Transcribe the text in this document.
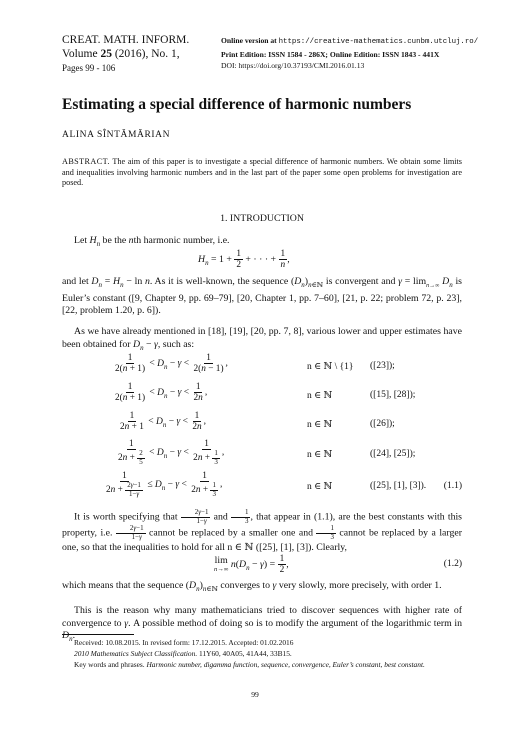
CREAT. MATH. INFORM.
Volume 25 (2016), No. 1,
Pages 99 - 106
Online version at https://creative-mathematics.cunbm.utcluj.ro/
Print Edition: ISSN 1584 - 286X; Online Edition: ISSN 1843 - 441X
DOI: https://doi.org/10.37193/CMI.2016.01.13
Estimating a special difference of harmonic numbers
ALINA SÎNTĂMĂRIAN
ABSTRACT. The aim of this paper is to investigate a special difference of harmonic numbers. We obtain some limits and inequalities involving harmonic numbers and in the last part of the paper some open problems for investigation are posed.
1. INTRODUCTION
Let $H_n$ be the nth harmonic number, i.e.
$H_n = 1 + \frac{1}{2}$ + · · · + $\frac{1}{n}$ ,
and let $D_n = H_n - \ln n$. As it is well-known, the sequence $(D_n)_{n\in ℕ}$ is convergent and $\gamma = \lim_{n\to\infty} D_n$ is Euler’s constant ([9, Chapter 9, pp. 69–79], [20, Chapter 1, pp. 7–60], [21, p. 22; problem 72, p. 23], [22, problem 1.20, p. 6]).
As we have already mentioned in [18], [19], [20, pp. 7, 8], various lower and upper estimates have been obtained for $D_n - \gamma$, such as:
$\frac{1}{2(n + 1)} < D_n - \gamma < \frac{1}{2(n - 1)}$ ,	n ∈ ℕ \ {1} ([23]);
$\frac{1}{2(n + 1)} < D_n - \gamma < \frac{1}{2n}$ ,	n ∈ ℕ	([15], [28]);
$\frac{1}{2n + 1} < D_n - \gamma < \frac{1}{2n}$ ,	n ∈ ℕ	([26]);
$\frac{1}{2n + \frac{2}{5}} < D_n - \gamma < \frac{1}{2n + \frac{1}{3}}$ ,	n ∈ ℕ	([24], [25]);
$\frac{1}{2n + \frac{2\gamma-1}{1-\gamma}} \le D_n - \gamma < \frac{1}{2n + \frac{1}{3}}$ ,	n ∈ ℕ	([25], [1], [3]). (1.1)
It is worth specifying that $\frac{2\gamma-1}{1-\gamma}$ and $\frac{1}{3}$ , that appear in (1.1), are the best constants with this property, i.e. $\frac{2\gamma-1}{1-\gamma}$ cannot be replaced by a smaller one and $\frac{1}{3}$ cannot be replaced by a larger one, so that the inequalities to hold for all n ∈ ℕ ([25], [1], [3]). Clearly,
lim
n→∞ $n(D_n - \gamma) = \frac{1}{2}$ ,	(1.2)
which means that the sequence $(D_n)_{n\in ℕ}$ converges to γ very slowly, more precisely, with order 1.
This is the reason why many mathematicians tried to discover sequences with higher rate of convergence to γ. A possible method of doing so is to modify the argument of the logarithmic term in $D_n$.
Received: 10.08.2015. In revised form: 17.12.2015. Accepted: 01.02.2016
2010 Mathematics Subject Classification. 11Y60, 40A05, 41A44, 33B15.
Key words and phrases. Harmonic number, digamma function, sequence, convergence, Euler’s constant, best constant.
99
